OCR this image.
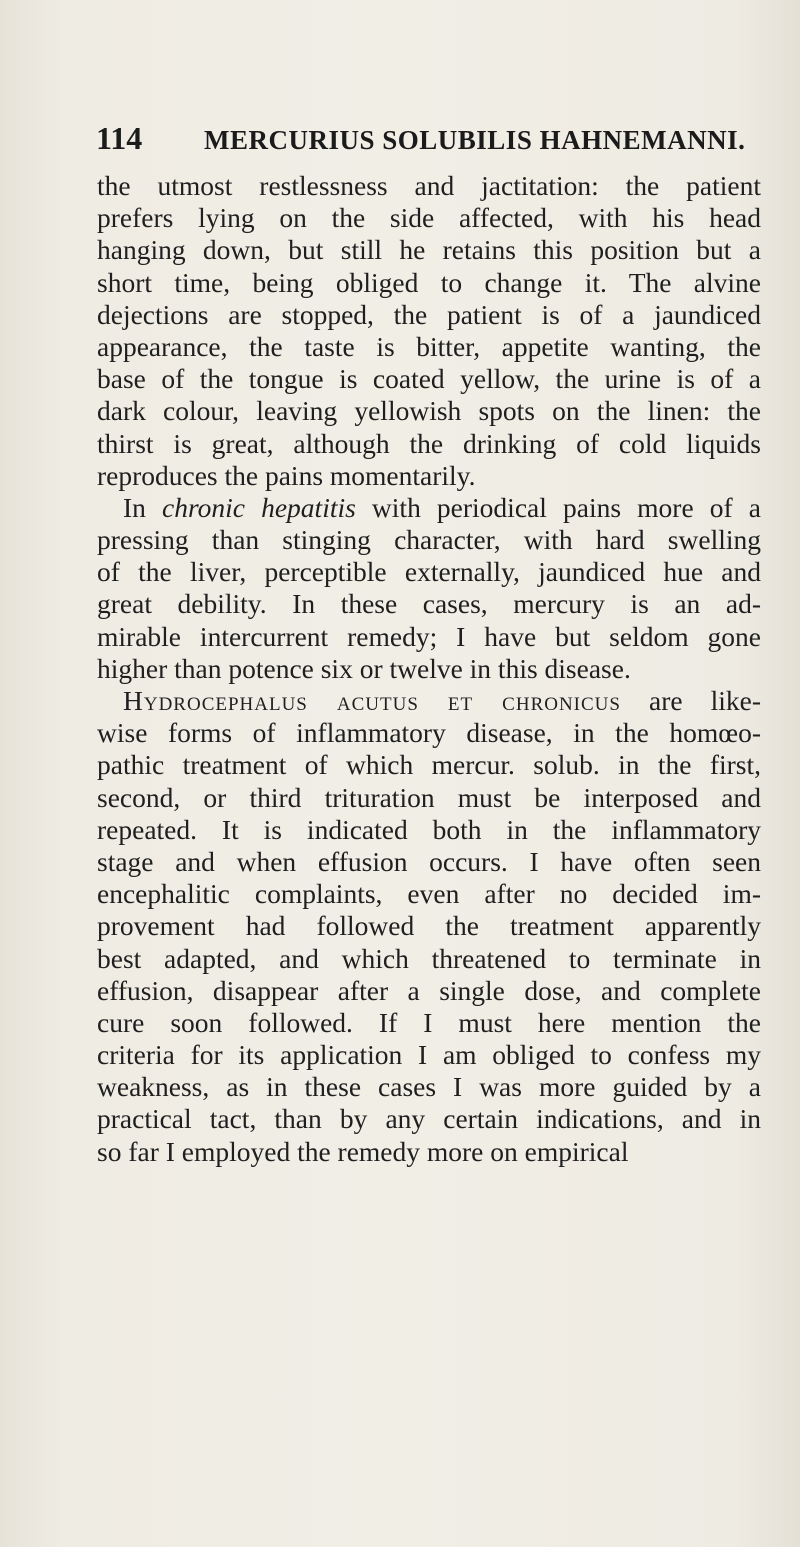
114 MERCURIUS SOLUBILIS HAHNEMANNI.
the utmost restlessness and jactitation: the patient
prefers lying on the side affected, with his head
hanging down, but still he retains this position but a
short time, being obliged to change it. The alvine
dejections are stopped, the patient is of a jaundiced
appearance, the taste is bitter, appetite wanting, the
base of the tongue is coated yellow, the urine is of a
dark colour, leaving yellowish spots on the linen: the
thirst is great, although the drinking of cold liquids
reproduces the pains momentarily.
In chronic hepatitis with periodical pains more of a
pressing than stinging character, with hard swelling
of the liver, perceptible externally, jaundiced hue and
great debility. In these cases, mercury is an ad-
mirable intercurrent remedy; I have but seldom gone
higher than potence six or twelve in this disease.
Hydrocephalus acutus et chronicus are like-
wise forms of inflammatory disease, in the homœo-
pathic treatment of which mercur. solub. in the first,
second, or third trituration must be interposed and
repeated. It is indicated both in the inflammatory
stage and when effusion occurs. I have often seen
encephalitic complaints, even after no decided im-
provement had followed the treatment apparently
best adapted, and which threatened to terminate in
effusion, disappear after a single dose, and complete
cure soon followed. If I must here mention the
criteria for its application I am obliged to confess my
weakness, as in these cases I was more guided by a
practical tact, than by any certain indications, and in
so far I employed the remedy more on empirical
